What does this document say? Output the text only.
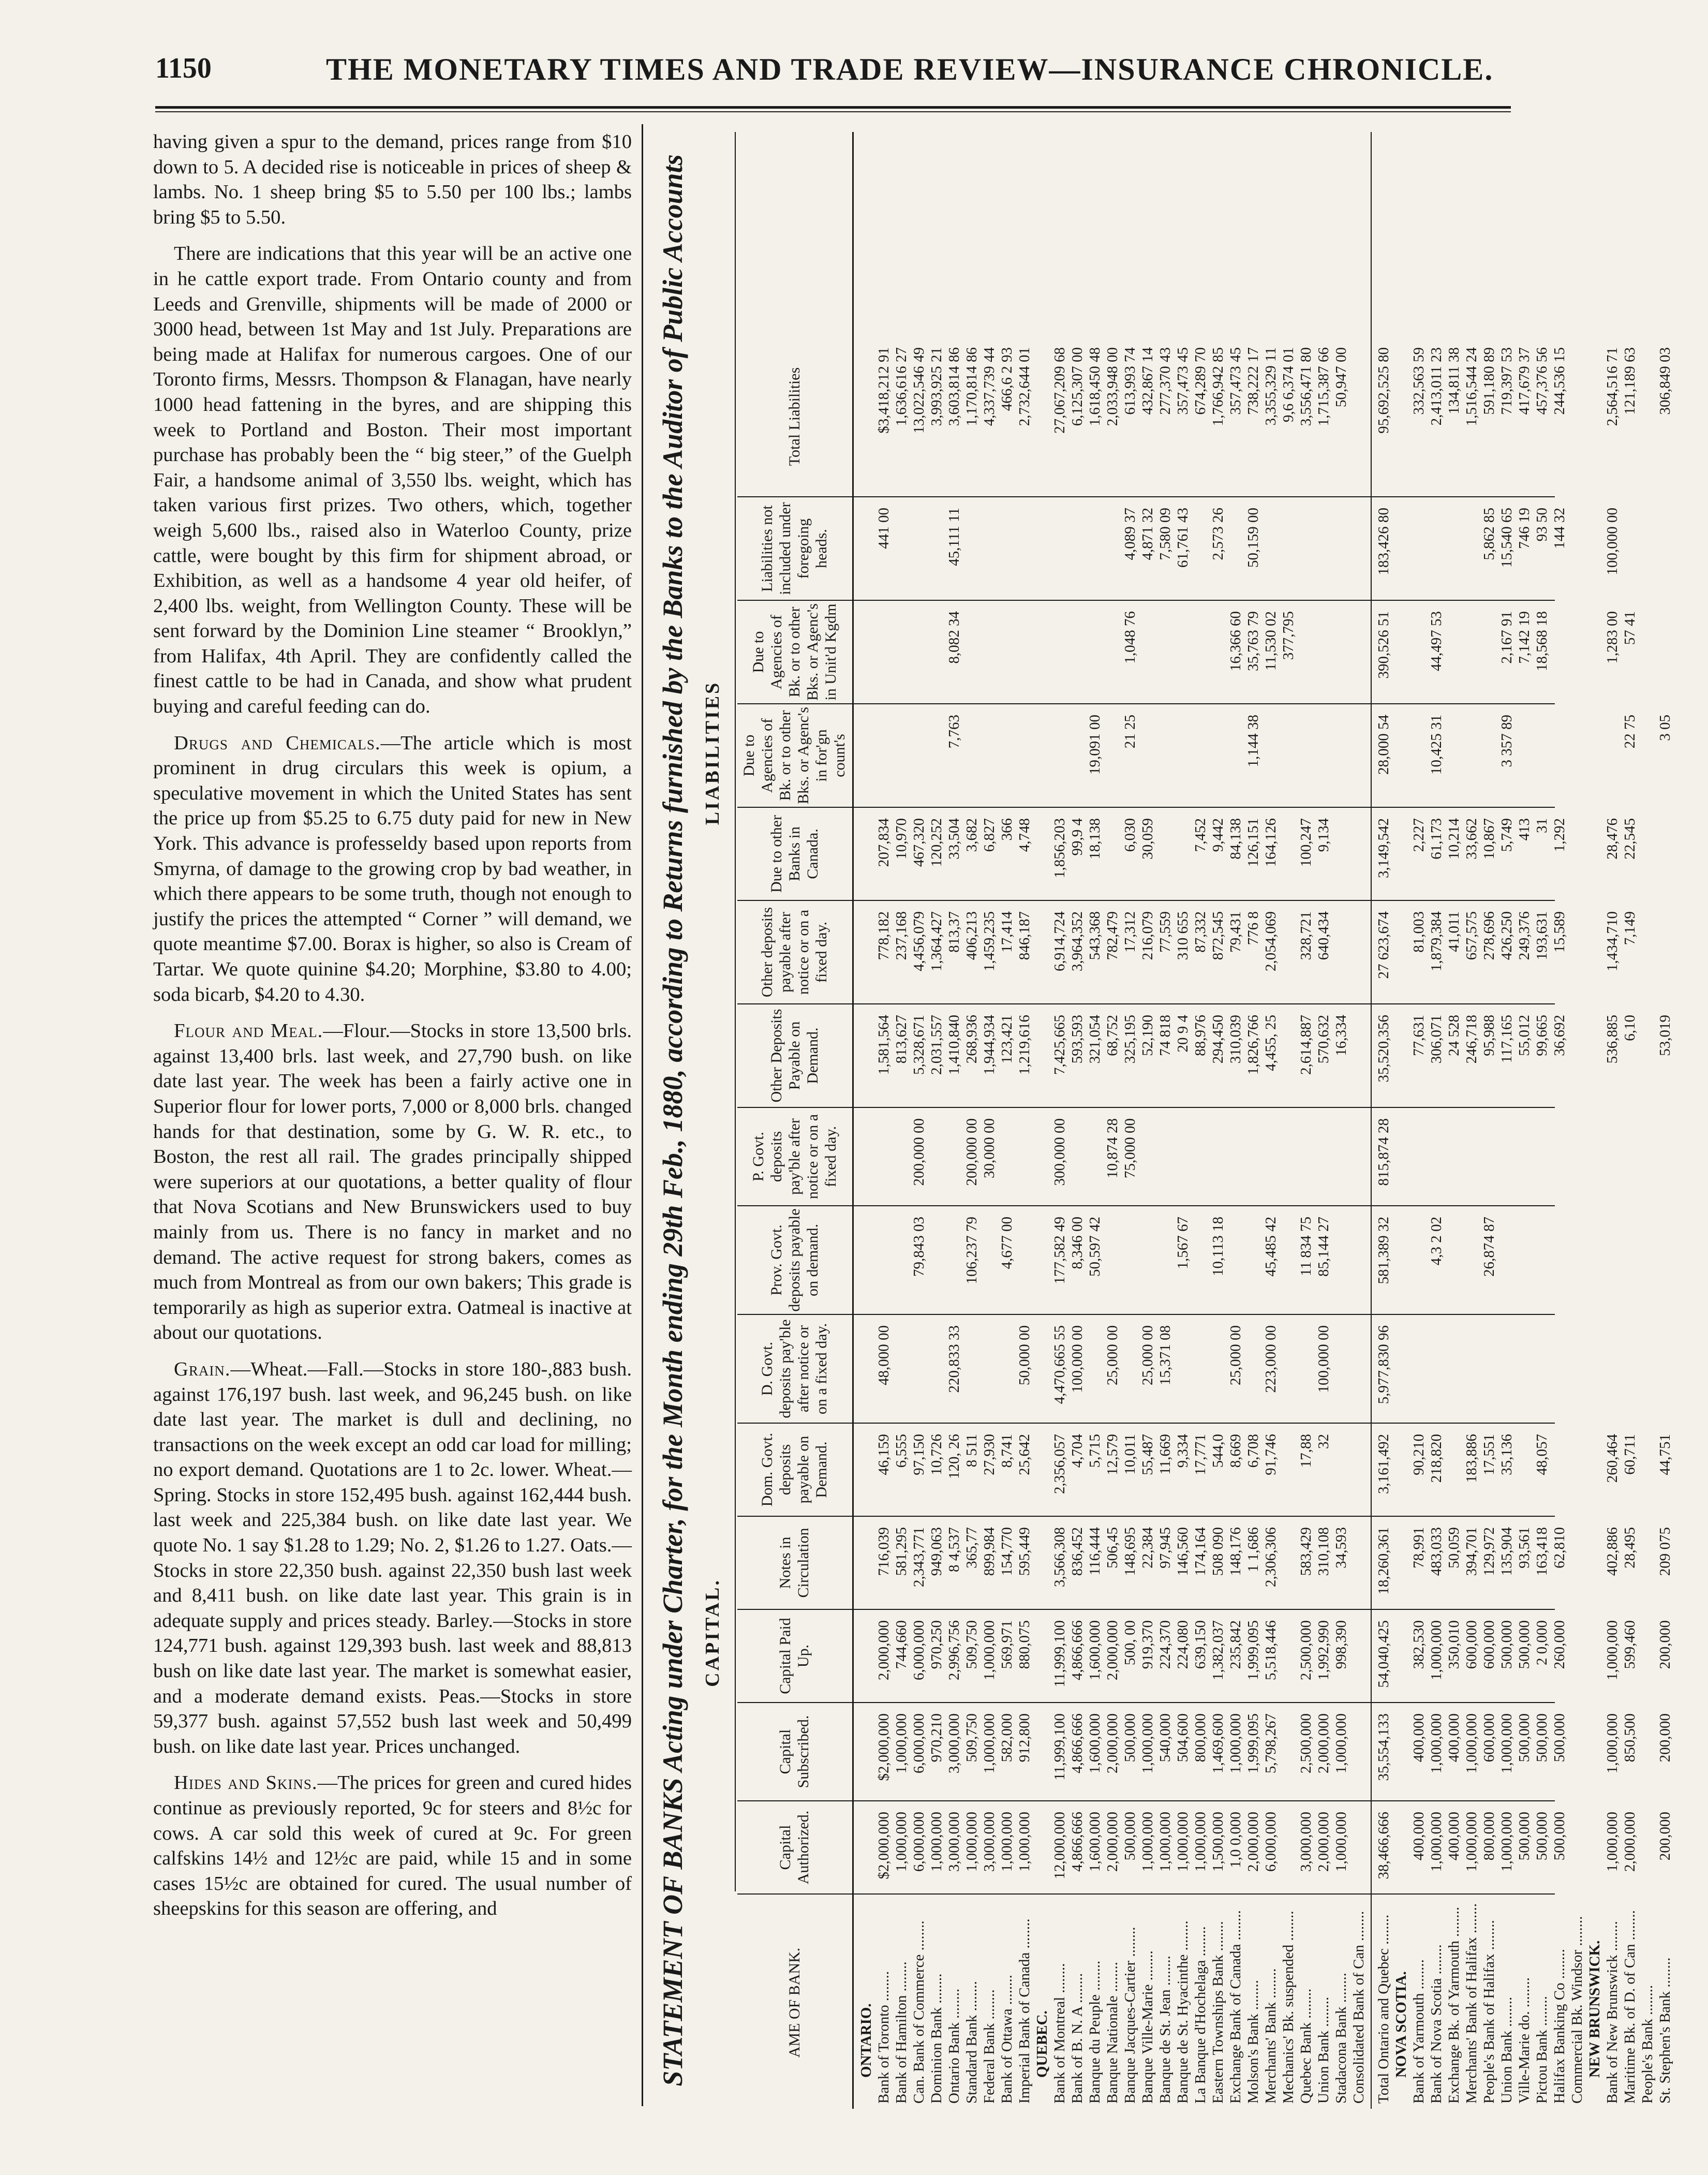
1150	THE MONETARY TIMES AND TRADE REVIEW—INSURANCE CHRONICLE.

having given a spur to the demand, prices range from $10 down to 5. A decided rise is noticeable in prices of sheep & lambs. No. 1 sheep bring $5 to 5.50 per 100 lbs.; lambs bring $5 to 5.50.

There are indications that this year will be an active one in he cattle export trade. From Ontario county and from Leeds and Grenville, shipments will be made of 2000 or 3000 head, between 1st May and 1st July. Preparations are being made at Halifax for numerous cargoes. One of our Toronto firms, Messrs. Thompson & Flanagan, have nearly 1000 head fattening in the byres, and are shipping this week to Portland and Boston. Their most important purchase has probably been the “ big steer,” of the Guelph Fair, a handsome animal of 3,550 lbs. weight, which has taken various first prizes. Two others, which, together weigh 5,600 lbs., raised also in Waterloo County, prize cattle, were bought by this firm for shipment abroad, or Exhibition, as well as a handsome 4 year old heifer, of 2,400 lbs. weight, from Wellington County. These will be sent forward by the Dominion Line steamer “ Brooklyn,” from Halifax, 4th April. They are confidently called the finest cattle to be had in Canada, and show what prudent buying and careful feeding can do.

Drugs and Chemicals.—The article which is most prominent in drug circulars this week is opium, a speculative movement in which the United States has sent the price up from $5.25 to 6.75 duty paid for new in New York. This advance is professeldy based upon reports from Smyrna, of damage to the growing crop by bad weather, in which there appears to be some truth, though not enough to justify the prices the attempted “ Corner ” will demand, we quote meantime $7.00. Borax is higher, so also is Cream of Tartar. We quote quinine $4.20; Morphine, $3.80 to 4.00; soda bicarb, $4.20 to 4.30.

Flour and Meal.—Flour.—Stocks in store 13,500 brls. against 13,400 brls. last week, and 27,790 bush. on like date last year. The week has been a fairly active one in Superior flour for lower ports, 7,000 or 8,000 brls. changed hands for that destination, some by G. W. R. etc., to Boston, the rest all rail. The grades principally shipped were superiors at our quotations, a better quality of flour that Nova Scotians and New Brunswickers used to buy mainly from us. There is no fancy in market and no demand. The active request for strong bakers, comes as much from Montreal as from our own bakers; This grade is temporarily as high as superior extra. Oatmeal is inactive at about our quotations.

Grain.—Wheat.—Fall.—Stocks in store 180-,883 bush. against 176,197 bush. last week, and 96,245 bush. on like date last year. The market is dull and declining, no transactions on the week except an odd car load for milling; no export demand. Quotations are 1 to 2c. lower. Wheat.—Spring. Stocks in store 152,495 bush. against 162,444 bush. last week and 225,384 bush. on like date last year. We quote No. 1 say $1.28 to 1.29; No. 2, $1.26 to 1.27. Oats.—Stocks in store 22,350 bush. against 22,350 bush last week and 8,411 bush. on like date last year. This grain is in adequate supply and prices steady. Barley.—Stocks in store 124,771 bush. against 129,393 bush. last week and 88,813 bush on like date last year. The market is somewhat easier, and a moderate demand exists. Peas.—Stocks in store 59,377 bush. against 57,552 bush last week and 50,499 bush. on like date last year. Prices unchanged.

Hides and Skins.—The prices for green and cured hides continue as previously reported, 9c for steers and 8½c for cows. A car sold this week of cured at 9c. For green calfskins 14½ and 12½c are paid, while 15 and in some cases 15½c are obtained for cured. The usual number of sheepskins for this season are offering, and	STATEMENT OF BANKS Acting under Charter, for the Month ending 29th Feb., 1880, according to Returns furnished by the Banks to the Auditor of Public Accounts CAPITAL.
LIABILITIES
AME OF BANK.
Capital Authorized.
Capital Subscribed.
Capital Paid Up.
Notes in Circulation
Dom. Govt. deposits payable on Demand.
D. Govt. deposits pay'ble after notice or on a fixed day.
Prov. Govt. deposits payable on demand.
P. Govt. deposits pay'ble after notice or on a fixed day.
Other Deposits Payable on Demand.
Other deposits payable after notice or on a fixed day.
Due to other Banks in Canada.
Due to Agencies of Bk. or to other Bks. or Agenc's in for'gn count's
Due to Agencies of Bk. or to other Bks. or Agenc's in Unit'd Kgdm
Liabilities not included under foregoing heads.
Total Liabilities
ONTARIO. Bank of Toronto ........
$2,000,000
$2,000,000
2,000,000
716,039
46,159
48,000 00
1,581,564
778,182
207,834
441 00
$3,418,212 91
Bank of Hamilton ........
1,000,000
1,000,000
744,660
581,295
6,555
813,627
237,168
10,970
1,636,616 27
Can. Bank of Commerce ........
6,000,000
6,000,000
6,000,000
2,343,771
97,150
79,843 03
200,000 00
5,328,671
4,456,079
467,320
13,022,546 49
Dominion Bank ........
1,000,000
970,210
970,250
949,063
10,726
2,031,557
1,364,427
120,252
3,993,925 21
Ontario Bank ........
3,000,000
3,000,000
2,996,756
8 4,537
120, 26
220,833 33
1,410,840
813,37
33,504
7,763
8,082 34
45,111 11
3,603,814 86
Standard Bank ........
1,000,000
509,750
509,750
365,77
8 511
106,237 79
200,000 00
268,936
406,213
3,682
1,170,814 86
Federal Bank ........
3,000,000
1,000,000
1,000,000
899,984
27,930
30,000 00
1,944,934
1,459,235
6,827
4,337,739 44
Bank of Ottawa ........
1,000,000
582,000
569,971
154,770
8,741
4,677 00
123,421
17,414
366
466,6 2 93
Imperial Bank of Canada ........
1,000,000
912,800
880,075
595,449
25,642
50,000 00
1,219,616
846,187
4,748
2,732,644 01
QUEBEC. Bank of Montreal ........
12,000,000
11,999,100
11,999,100
3,566,308
2,356,057
4,470,665 55
177,582 49
300,000 00
7,425,665
6,914,724
1,856,203
27,067,209 68
Bank of B. N. A ........
4,866,666
4,866,666
4,866,666
836,452
4,704
100,000 00
8,346 00
593,593
3,964,352
99,9 4
6,125,307 00
Banque du Peuple ........
1,600,000
1,600,000
1,600,000
116,444
5,715
50,597 42
321,054
543,368
18,138
19,091 00
1,618,450 48
Banque Nationale ........
2,000,000
2,000,000
2,000,000
506,45
12,579
25,000 00
10,874 28
68,752
782,479
2,033,948 00
Banque Jacques-Cartier ........
500,000
500,000
500, 00
148,695
10,011
75,000 00
325,195
17,312
6,030
21 25
1,048 76
4,089 37
613,993 74
Banque Ville-Marie ........
1,000,000
1,000,000
919,370
22,384
55,487
25,000 00
52,190
216,079
30,059
4,871 32
432,867 14
Banque de St. Jean ........
1,000,000
540,000
224,370
97,945
11,669
15,371 08
74 818
77,559
7,580 09
277,370 43
Banque de St. Hyacinthe ........
1,000,000
504,600
224,080
146,560
9,334
1,567 67
20 9 4
310 655
61,761 43
357,473 45
La Banque d'Hochelaga ........
1,000,000
800,000
639,150
174,164
17,771
88,976
87,332
7,452
674,289 70
Eastern Townships Bank ........
1,500,000
1,469,600
1,382,037
508 090
544,0
10,113 18
294,450
872,545
9,442
2,573 26
1,766,942 85
Exchange Bank of Canada ........
1,0 0,000
1,000,000
235,842
148,176
8,669
25,000 00
310,039
79,431
84,138
16,366 60
357,473 45
Molson's Bank ........
2,000,000
1,999,095
1,999,095
1 1,686
6,708
1,826,766
776 8
126,151
1,144 38
35,763 79
50,159 00
738,222 17
Merchants' Bank ........
6,000,000
5,798,267
5,518,446
2,306,306
91,746
223,000 00
45,485 42
4,455, 25
2,054,069
164,126
11,530 02
3,355,329 11
Mechanics' Bk. suspended ........
377,795
9,6 6,374 01
Quebec Bank ........
3,000,000
2,500,000
2,500,000
583,429
17,88
11 834 75
2,614,887
328,721
100,247
3,556,471 80
Union Bank ........
2,000,000
2,000,000
1,992,990
310,108
32
100,000 00
85,144 27
570,632
640,434
9,134
1,715,387 66
Stadacona Bank ........
1,000,000
1,000,000
998,390
34,593
16,334
50,947 00
Consolidated Bank of Can ........ Total Ontario and Quebec ........
38,466,666
35,554,133
54,040,425
18,260,361
3,161,492
5,977,830 96
581,389 32
815,874 28
35,520,356
27 623,674
3,149,542
28,000 54
390,526 51
183,426 80
95,692,525 80
NOVA SCOTIA. Bank of Yarmouth ........
400,000
400,000
382,530
78,991
90,210
77,631
81,003
2,227
332,563 59
Bank of Nova Scotia ........
1,000,000
1,000,000
1,000,000
483,033
218,820
4,3 2 02
306,071
1,879,384
61,173
10,425 31
44,497 53
2,413,011 23
Exchange Bk. of Yarmouth ........
400,000
400,000
350,010
50,059
24 528
41,011
10,214
134,811 38
Merchants' Bank of Halifax ........
1,000,000
1,000,000
600,000
394,701
183,886
246,718
657,575
33,662
1,516,544 24
People's Bank of Halifax ........
800,000
600,000
600,000
129,972
17,551
26,874 87
95,988
278,696
10,867
5,862 85
591,180 89
Union Bank ........
1,000,000
1,000,000
500,000
135,904
35,136
117,165
426,250
5,749
3 357 89
2,167 91
15,540 65
719,397 53
Ville-Marie do. ........
500,000
500,000
500,000
93,561
55,012
249,376
413
7,142 19
746 19
417,679 37
Pictou Bank ........
500,000
500,000
2 0,000
163,418
48,057
99,665
193,631
31
18,568 18
93 50
457,376 56
Halifax Banking Co ........
500,000
500,000
260,000
62,810
36,692
15,589
1,292
144 32
244,536 15
Commercial Bk. Windsor ........ NEW BRUNSWICK. Bank of New Brunswick ........
1,000,000
1,000,000
1,000,000
402,886
260,464
536,885
1,434,710
28,476
1,283 00
100,000 00
2,564,516 71
Maritime Bk. of D. of Can ........
2,000,000
850,500
599,460
28,495
60,711
6,10
7,149
22,545
22 75
57 41
121,189 63
People's Bank ........ St. Stephen's Bank ........
200,000
200,000
200,000
209 075
44,751
53,019
3 05
306,849 03
